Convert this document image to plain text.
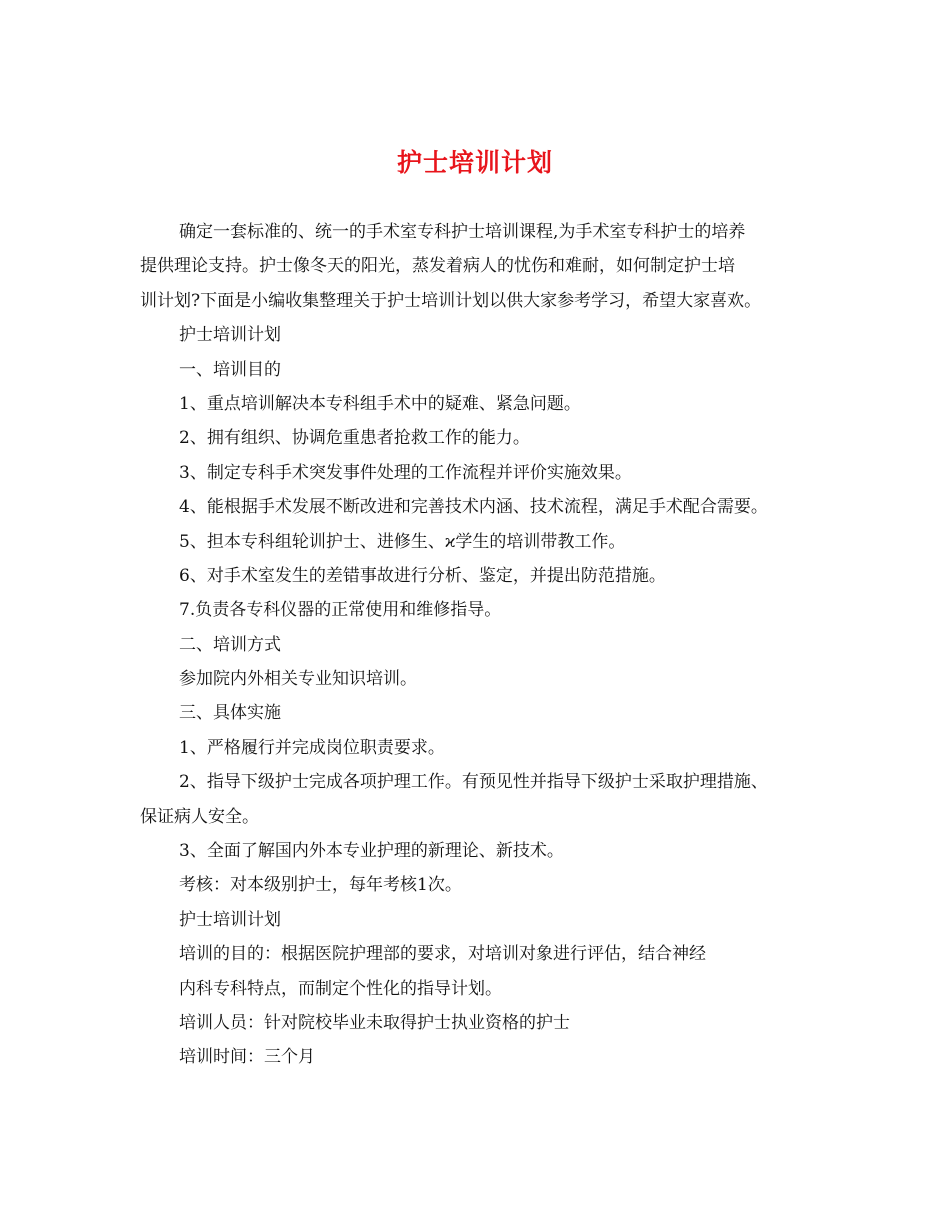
护士培训计划

确定一套标准的、统一的手术室专科护士培训课程,为手术室专科护士的培养

提供理论支持。护士像冬天的阳光，蒸发着病人的忧伤和难耐，如何制定护士培

训计划?下面是小编收集整理关于护士培训计划以供大家参考学习，希望大家喜欢。

护士培训计划

一、培训目的

1、重点培训解决本专科组手术中的疑难、紧急问题。

2、拥有组织、协调危重患者抢救工作的能力。

3、制定专科手术突发事件处理的工作流程并评价实施效果。

4、能根据手术发展不断改进和完善技术内涵、技术流程，满足手术配合需要。

5、担本专科组轮训护士、进修生、ϰ学生的培训带教工作。

6、对手术室发生的差错事故进行分析、鉴定，并提出防范措施。

7.负责各专科仪器的正常使用和维修指导。

二、培训方式

参加院内外相关专业知识培训。

三、具体实施

1、严格履行并完成岗位职责要求。

2、指导下级护士完成各项护理工作。有预见性并指导下级护士采取护理措施、

保证病人安全。

3、全面了解国内外本专业护理的新理论、新技术。

考核：对本级别护士，每年考核1次。

护士培训计划

培训的目的：根据医院护理部的要求，对培训对象进行评估，结合神经

内科专科特点，而制定个性化的指导计划。

培训人员：针对院校毕业未取得护士执业资格的护士

培训时间：三个月
